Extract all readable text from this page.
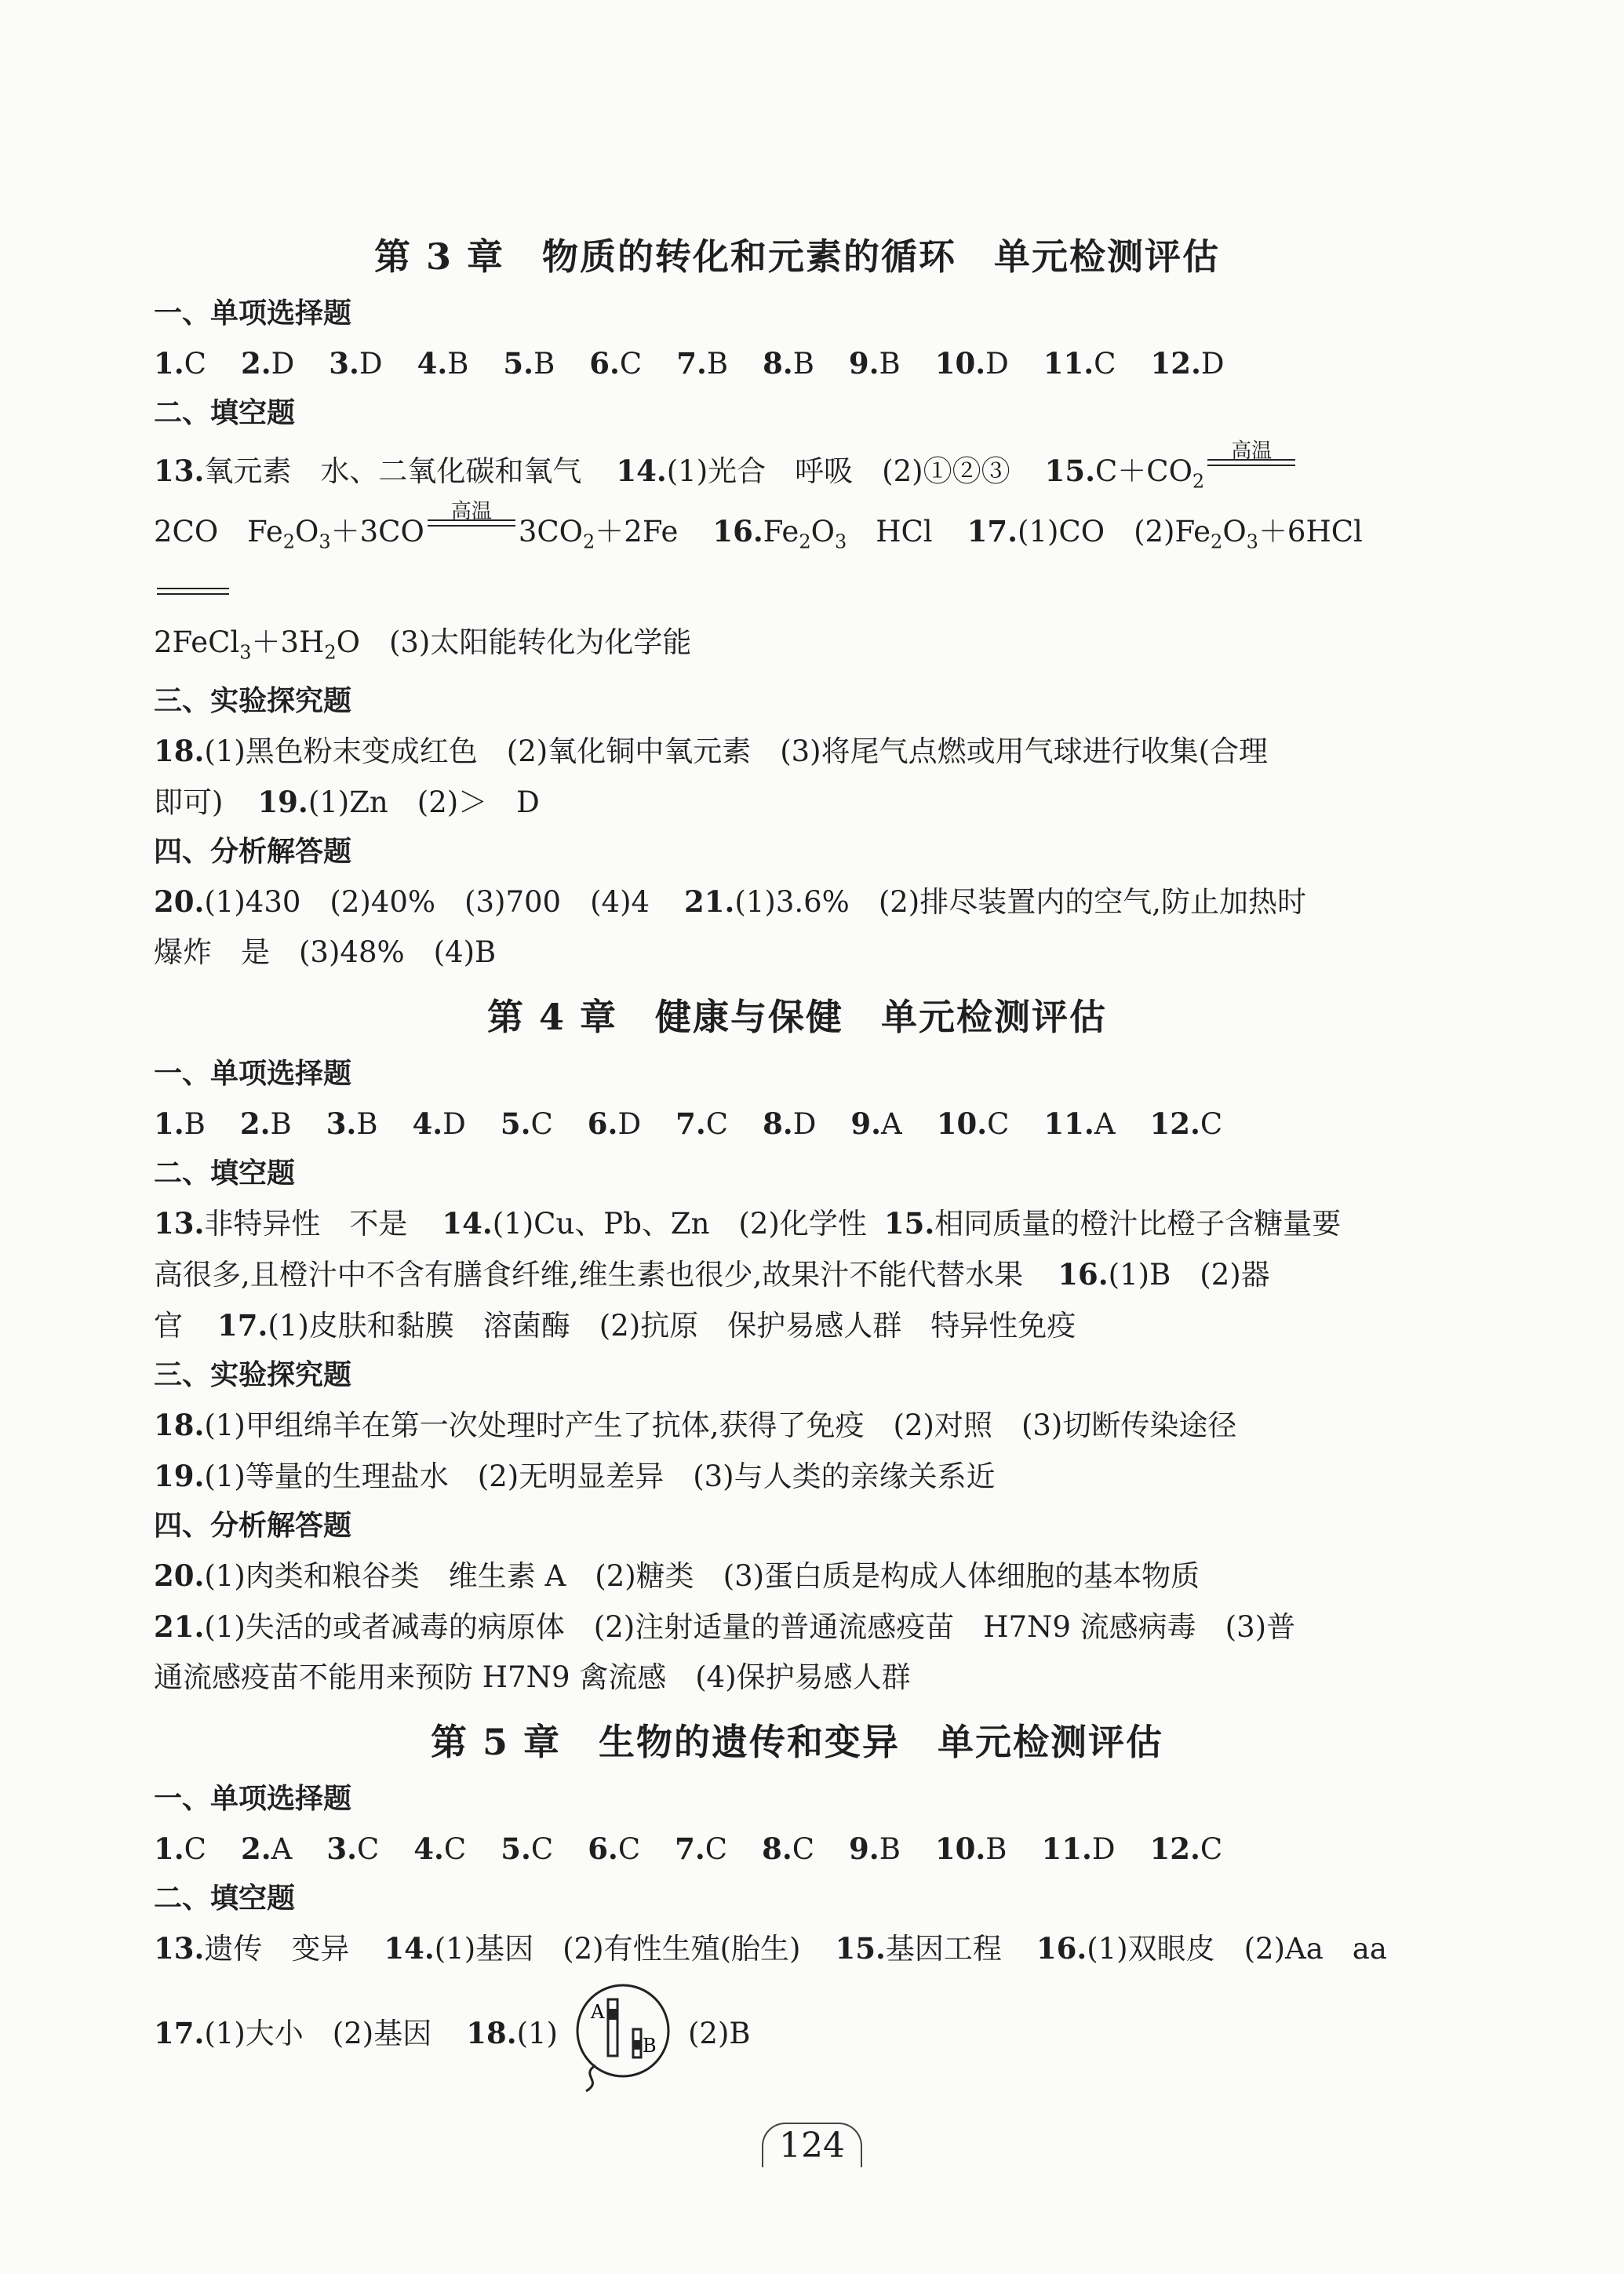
第 3 章　物质的转化和元素的循环　单元检测评估
一、单项选择题

1.C 2.D 3.D 4.B 5.B 6.C 7.B 8.B 9.B 10.D 11.C 12.D

二、填空题

13.氧元素　水、二氧化碳和氧气 14.(1)光合　呼吸　(2)①②③ $15.C+CO_2$
高温

2CO　$Fe_2O_3+3CO$
高温
$3CO_2+2Fe$ $16.Fe_2O_3$　HCl 17.(1)CO　$(2)Fe_2O_3+6HCl$

$2FeCl_3+3H_2O$　(3)太阳能转化为化学能

三、实验探究题

18.(1)黑色粉末变成红色　(2)氧化铜中氧元素　(3)将尾气点燃或用气球进行收集(合理

即可) 19.(1)Zn　(2)＞　D

四、分析解答题

20.(1)430　(2)40%　(3)700　(4)4 21.(1)3.6%　(2)排尽装置内的空气,防止加热时

爆炸　是　(3)48%　(4)B

第 4 章　健康与保健　单元检测评估
一、单项选择题

1.B 2.B 3.B 4.D 5.C 6.D 7.C 8.D 9.A 10.C 11.A 12.C

二、填空题

13.非特异性　不是 14.(1)Cu、Pb、Zn　(2)化学性 15.相同质量的橙汁比橙子含糖量要

高很多,且橙汁中不含有膳食纤维,维生素也很少,故果汁不能代替水果 16.(1)B　(2)器

官 17.(1)皮肤和黏膜　溶菌酶　(2)抗原　保护易感人群　特异性免疫

三、实验探究题

18.(1)甲组绵羊在第一次处理时产生了抗体,获得了免疫　(2)对照　(3)切断传染途径

19.(1)等量的生理盐水　(2)无明显差异　(3)与人类的亲缘关系近

四、分析解答题

20.(1)肉类和粮谷类　维生素 A　(2)糖类　(3)蛋白质是构成人体细胞的基本物质

21.(1)失活的或者减毒的病原体　(2)注射适量的普通流感疫苗　H7N9 流感病毒　(3)普

通流感疫苗不能用来预防 H7N9 禽流感　(4)保护易感人群

第 5 章　生物的遗传和变异　单元检测评估
一、单项选择题

1.C 2.A 3.C 4.C 5.C 6.C 7.C 8.C 9.B 10.B 11.D 12.C

二、填空题

13.遗传　变异 14.(1)基因　(2)有性生殖(胎生) 15.基因工程 16.(1)双眼皮　(2)Aa　aa

17.(1)大小　(2)基因 18.(1)
A
B (2)B

124
